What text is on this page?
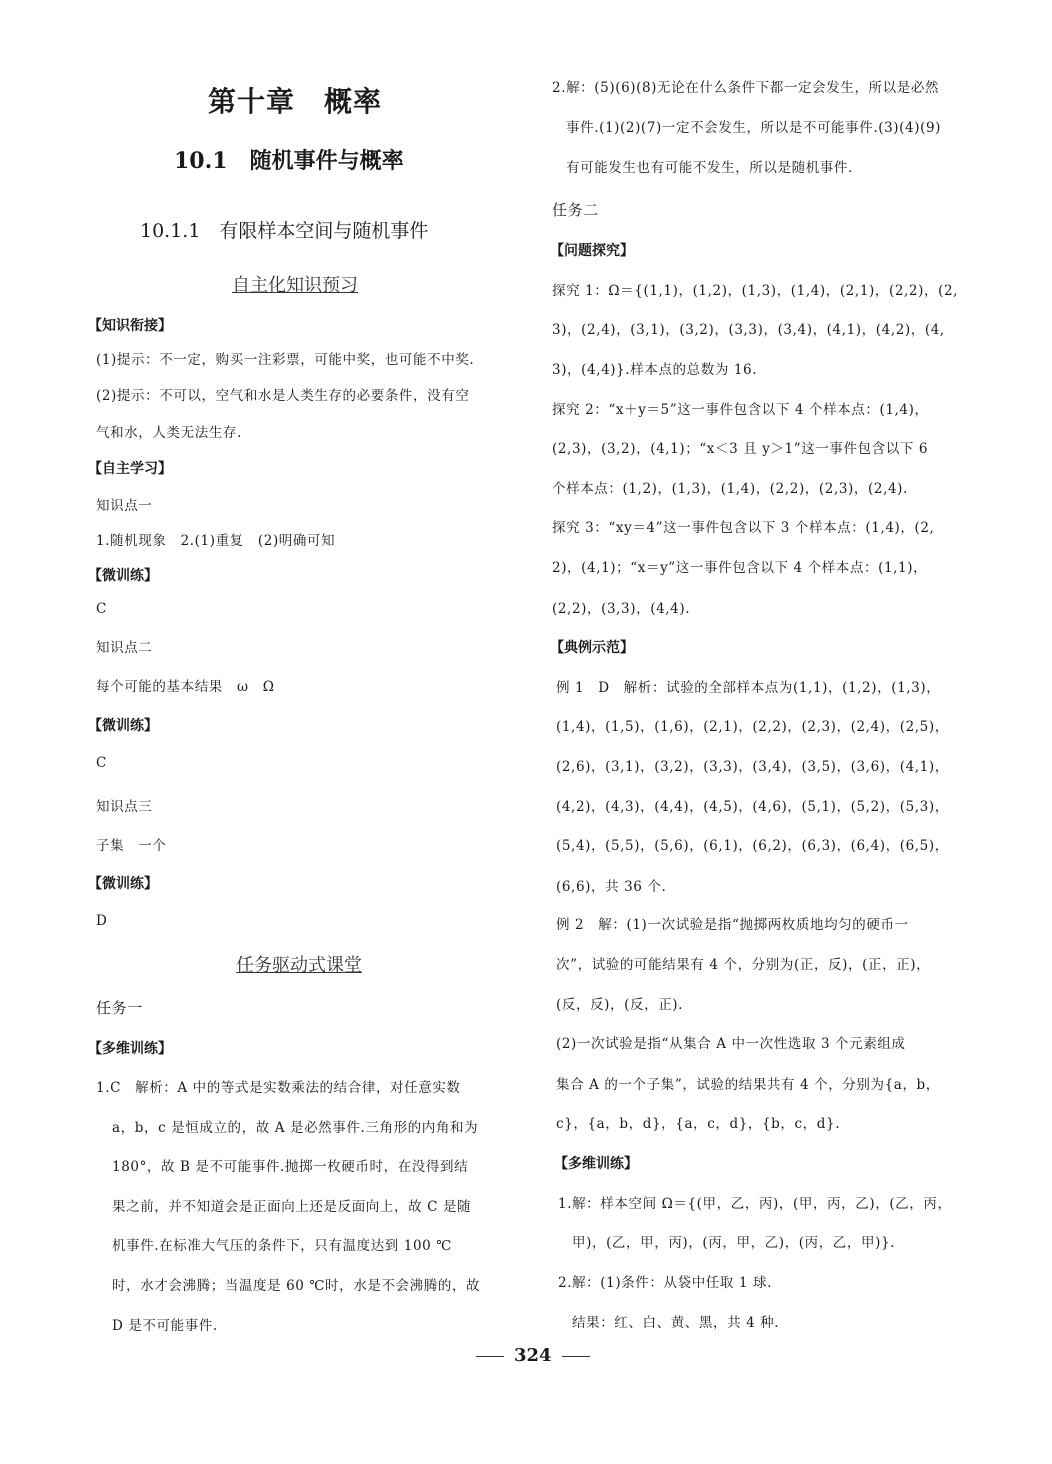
第十章　概率
10.1　随机事件与概率
10.1.1　有限样本空间与随机事件
自主化知识预习
【知识衔接】
(1)提示：不一定，购买一注彩票，可能中奖，也可能不中奖.
(2)提示：不可以，空气和水是人类生存的必要条件，没有空
气和水，人类无法生存.
【自主学习】
知识点一
1.随机现象　2.(1)重复　(2)明确可知
【微训练】
C
知识点二
每个可能的基本结果　ω　Ω
【微训练】
C
知识点三
子集　一个
【微训练】
D
任务驱动式课堂
任务一
【多维训练】
1.C　解析：A 中的等式是实数乘法的结合律，对任意实数
a，b，c 是恒成立的，故 A 是必然事件.三角形的内角和为
180°，故 B 是不可能事件.抛掷一枚硬币时，在没得到结
果之前，并不知道会是正面向上还是反面向上，故 C 是随
机事件.在标准大气压的条件下，只有温度达到 100 ℃
时，水才会沸腾；当温度是 60 ℃时，水是不会沸腾的，故
D 是不可能事件.
2.解：(5)(6)(8)无论在什么条件下都一定会发生，所以是必然
事件.(1)(2)(7)一定不会发生，所以是不可能事件.(3)(4)(9)
有可能发生也有可能不发生，所以是随机事件.
任务二
【问题探究】
探究 1：Ω＝{(1,1)，(1,2)，(1,3)，(1,4)，(2,1)，(2,2)，(2,
3)，(2,4)，(3,1)，(3,2)，(3,3)，(3,4)，(4,1)，(4,2)，(4,
3)，(4,4)}.样本点的总数为 16.
探究 2：“x＋y＝5”这一事件包含以下 4 个样本点：(1,4)，
(2,3)，(3,2)，(4,1)；“x＜3 且 y＞1”这一事件包含以下 6
个样本点：(1,2)，(1,3)，(1,4)，(2,2)，(2,3)，(2,4).
探究 3：“xy＝4”这一事件包含以下 3 个样本点：(1,4)，(2,
2)，(4,1)；“x＝y”这一事件包含以下 4 个样本点：(1,1)，
(2,2)，(3,3)，(4,4).
【典例示范】
例 1　D　解析：试验的全部样本点为(1,1)，(1,2)，(1,3)，
(1,4)，(1,5)，(1,6)，(2,1)，(2,2)，(2,3)，(2,4)，(2,5)，
(2,6)，(3,1)，(3,2)，(3,3)，(3,4)，(3,5)，(3,6)，(4,1)，
(4,2)，(4,3)，(4,4)，(4,5)，(4,6)，(5,1)，(5,2)，(5,3)，
(5,4)，(5,5)，(5,6)，(6,1)，(6,2)，(6,3)，(6,4)，(6,5)，
(6,6)，共 36 个.
例 2　解：(1)一次试验是指“抛掷两枚质地均匀的硬币一
次”，试验的可能结果有 4 个，分别为(正，反)，(正，正)，
(反，反)，(反，正).
(2)一次试验是指“从集合 A 中一次性选取 3 个元素组成
集合 A 的一个子集”，试验的结果共有 4 个，分别为{a，b，
c}，{a，b，d}，{a，c，d}，{b，c，d}.
【多维训练】
1.解：样本空间 Ω＝{(甲，乙，丙)，(甲，丙，乙)，(乙，丙，
甲)，(乙，甲，丙)，(丙，甲，乙)，(丙，乙，甲)}.
2.解：(1)条件：从袋中任取 1 球.
结果：红、白、黄、黑，共 4 种.
324
